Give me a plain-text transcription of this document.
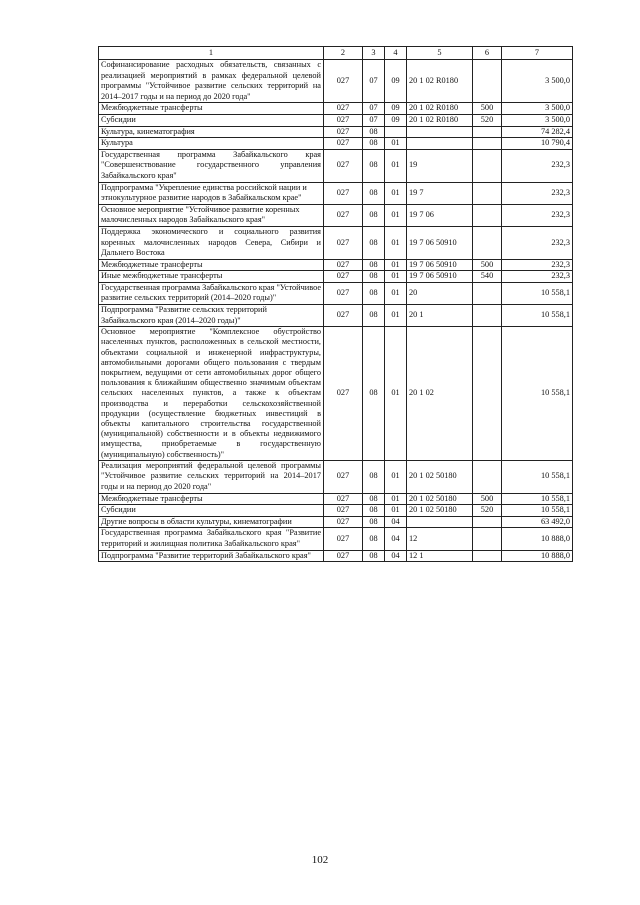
1	2	3	4	5	6	7
Софинансирование расходных обязательств, связанных с реализацией мероприятий в рамках федеральной целевой программы "Устойчивое развитие сельских территорий на 2014–2017 годы и на период до 2020 года"	027	07	09	20 1 02 R0180		3 500,0
Межбюджетные трансферты	027	07	09	20 1 02 R0180	500	3 500,0
Субсидии	027	07	09	20 1 02 R0180	520	3 500,0
Культура, кинематография	027	08				74 282,4
Культура	027	08	01			10 790,4
Государственная программа Забайкальского края "Совершенствование государственного управления Забайкальского края"	027	08	01	19		232,3
Подпрограмма "Укрепление единства российской нации и этнокультурное развитие народов в Забайкальском крае"	027	08	01	19 7		232,3
Основное мероприятие "Устойчивое развитие коренных малочисленных народов Забайкальского края"	027	08	01	19 7 06		232,3
Поддержка экономического и социального развития коренных малочисленных народов Севера, Сибири и Дальнего Востока	027	08	01	19 7 06 50910		232,3
Межбюджетные трансферты	027	08	01	19 7 06 50910	500	232,3
Иные межбюджетные трансферты	027	08	01	19 7 06 50910	540	232,3
Государственная программа Забайкальского края "Устойчивое развитие сельских территорий (2014–2020 годы)"	027	08	01	20		10 558,1
Подпрограмма "Развитие сельских территорий Забайкальского края (2014–2020 годы)"	027	08	01	20 1		10 558,1
Основное мероприятие "Комплексное обустройство населенных пунктов, расположенных в сельской местности, объектами социальной и инженерной инфраструктуры, автомобильными дорогами общего пользования с твердым покрытием, ведущими от сети автомобильных дорог общего пользования к ближайшим общественно значимым объектам сельских населенных пунктов, а также к объектам производства и переработки сельскохозяйственной продукции (осуществление бюджетных инвестиций в объекты капитального строительства государственной (муниципальной) собственности и в объекты недвижимого имущества, приобретаемые в государственную (муниципальную) собственность)"	027	08	01	20 1 02		10 558,1
Реализация мероприятий федеральной целевой программы "Устойчивое развитие сельских территорий на 2014–2017 годы и на период до 2020 года"	027	08	01	20 1 02 50180		10 558,1
Межбюджетные трансферты	027	08	01	20 1 02 50180	500	10 558,1
Субсидии	027	08	01	20 1 02 50180	520	10 558,1
Другие вопросы в области культуры, кинематографии	027	08	04			63 492,0
Государственная программа Забайкальского края "Развитие территорий и жилищная политика Забайкальского края"	027	08	04	12		10 888,0
Подпрограмма "Развитие территорий Забайкальского края"	027	08	04	12 1		10 888,0
102
